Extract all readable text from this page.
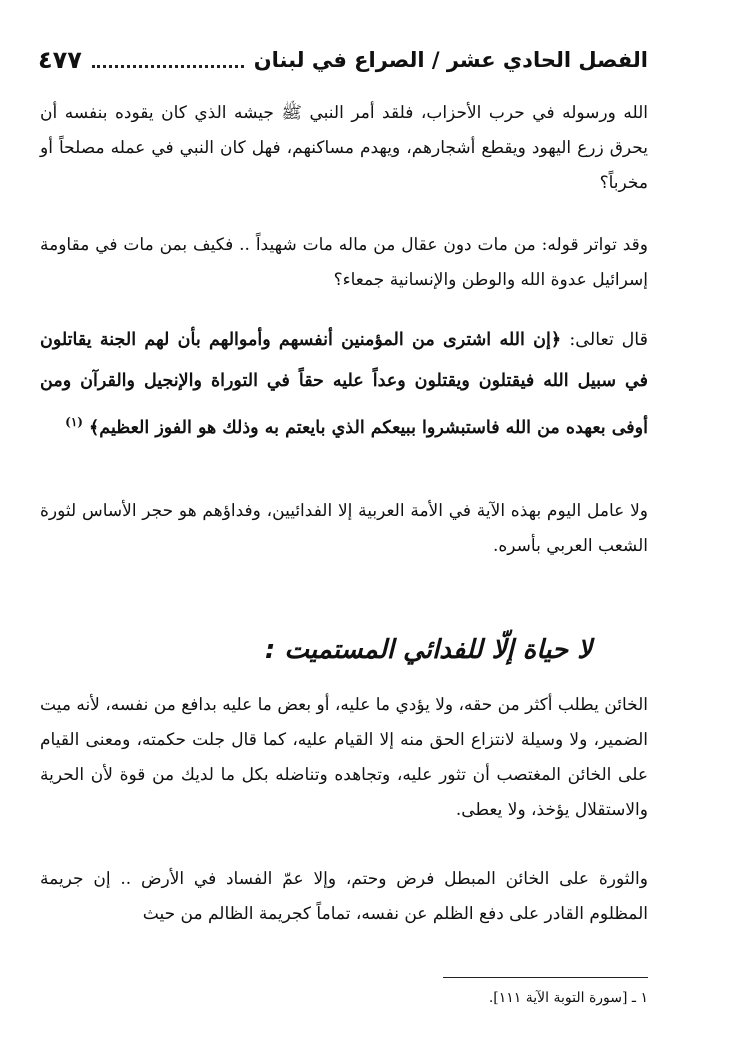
الفصل الحادي عشر / الصراع في لبنان
٤٧٧

الله ورسوله في حرب الأحزاب، فلقد أمر النبي ﷺ جيشه الذي كان يقوده بنفسه أن يحرق زرع اليهود ويقطع أشجارهم، ويهدم مساكنهم، فهل كان النبي في عمله مصلحاً أو مخرباً؟

وقد تواتر قوله: من مات دون عقال من ماله مات شهيداً .. فكيف بمن مات في مقاومة إسرائيل عدوة الله والوطن والإنسانية جمعاء؟

قال تعالى: ﴿إن الله اشترى من المؤمنين أنفسهم وأموالهم بأن لهم الجنة يقاتلون في سبيل الله فيقتلون ويقتلون وعداً عليه حقاً في التوراة والإنجيل والقرآن ومن أوفى بعهده من الله فاستبشروا ببيعكم الذي بايعتم به وذلك هو الفوز العظيم﴾ $^{(١)}$

ولا عامل اليوم بهذه الآية في الأمة العربية إلا الفدائيين، وفداؤهم هو حجر الأساس لثورة الشعب العربي بأسره.

لا حياة إلّا للفدائي المستميت :

الخائن يطلب أكثر من حقه، ولا يؤدي ما عليه، أو بعض ما عليه بدافع من نفسه، لأنه ميت الضمير، ولا وسيلة لانتزاع الحق منه إلا القيام عليه، كما قال جلت حكمته، ومعنى القيام على الخائن المغتصب أن تثور عليه، وتجاهده وتناضله بكل ما لديك من قوة لأن الحرية والاستقلال يؤخذ، ولا يعطى.

والثورة على الخائن المبطل فرض وحتم، وإلا عمّ الفساد في الأرض .. إن جريمة المظلوم القادر على دفع الظلم عن نفسه، تماماً كجريمة الظالم من حيث

١ ـ [سورة التوبة الآية ١١١].
